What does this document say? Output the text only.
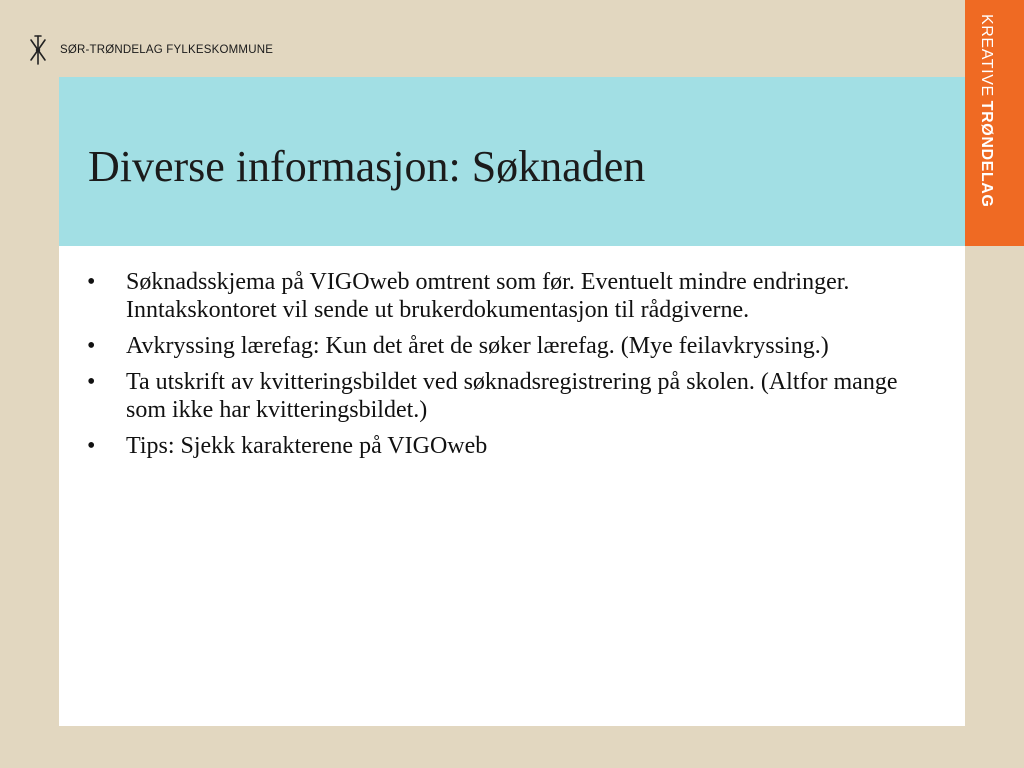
SØR-TRØNDELAG FYLKESKOMMUNE	KREATIVETRØNDELAG
Diverse informasjon: Søknaden
• Søknadsskjema på VIGOweb omtrent som før. Eventuelt mindre endringer. Inntakskontoret vil sende ut brukerdokumentasjon til rådgiverne.
• Avkryssing lærefag: Kun det året de søker lærefag. (Mye feilavkryssing.)
• Ta utskrift av kvitteringsbildet ved søknadsregistrering på skolen. (Altfor mange som ikke har kvitteringsbildet.)
• Tips: Sjekk karakterene på VIGOweb
